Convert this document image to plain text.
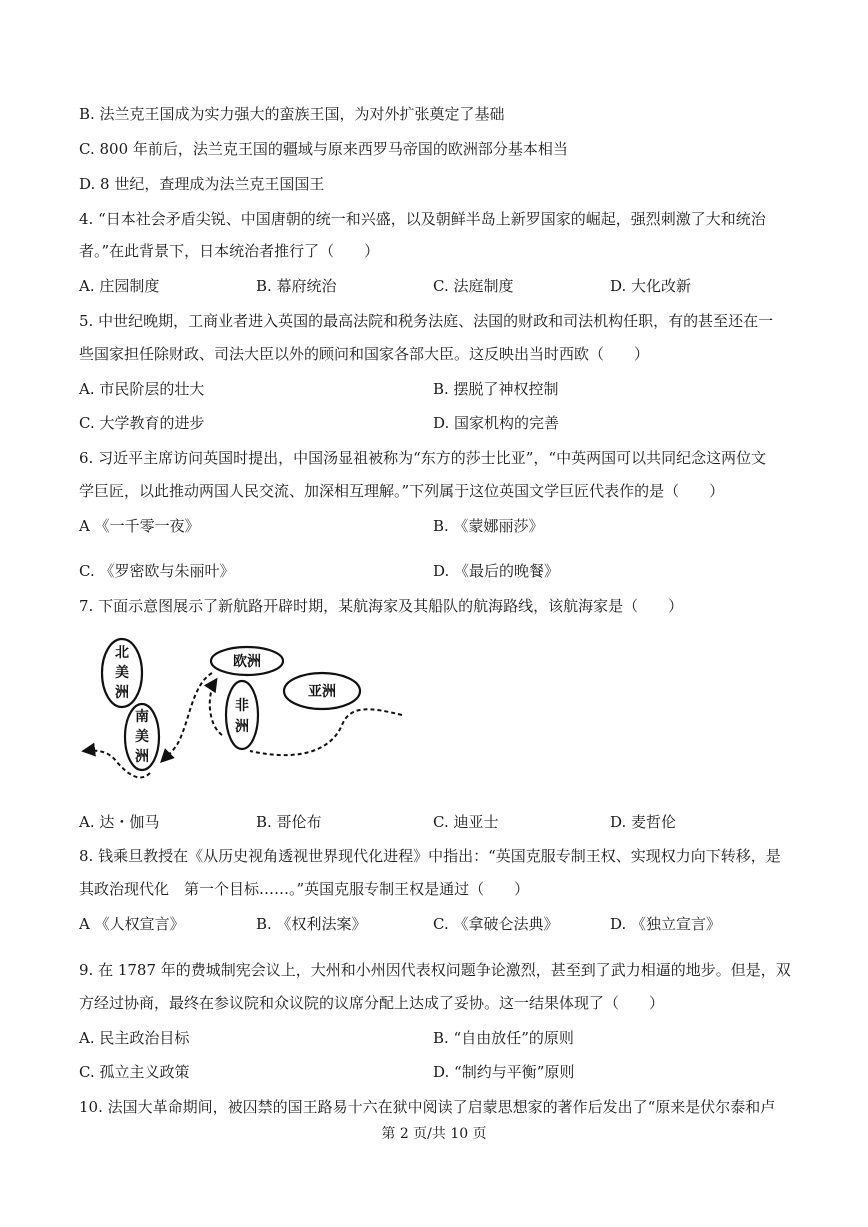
B. 法兰克王国成为实力强大的蛮族王国，为对外扩张奠定了基础
C. 800 年前后，法兰克王国的疆域与原来西罗马帝国的欧洲部分基本相当
D. 8 世纪，查理成为法兰克王国国王
4. “日本社会矛盾尖锐、中国唐朝的统一和兴盛，以及朝鲜半岛上新罗国家的崛起，强烈刺激了大和统治
者。”在此背景下，日本统治者推行了（　　）
A. 庄园制度	B. 幕府统治	C. 法庭制度	D. 大化改新
5. 中世纪晚期，工商业者进入英国的最高法院和税务法庭、法国的财政和司法机构任职，有的甚至还在一
些国家担任除财政、司法大臣以外的顾问和国家各部大臣。这反映出当时西欧（　　）
A. 市民阶层的壮大	B. 摆脱了神权控制
C. 大学教育的进步	D. 国家机构的完善
6. 习近平主席访问英国时提出，中国汤显祖被称为“东方的莎士比亚”，“中英两国可以共同纪念这两位文
学巨匠，以此推动两国人民交流、加深相互理解。”下列属于这位英国文学巨匠代表作的是（　　）
A 《一千零一夜》	B. 《蒙娜丽莎》
C. 《罗密欧与朱丽叶》	D. 《最后的晚餐》
7. 下面示意图展示了新航路开辟时期，某航海家及其船队的航海路线，该航海家是（　　）
北
美
洲
南
美
洲
欧洲
非
洲
亚洲
A. 达・伽马	B. 哥伦布	C. 迪亚士	D. 麦哲伦
8. 钱乘旦教授在《从历史视角透视世界现代化进程》中指出：“英国克服专制王权、实现权力向下转移，是
其政治现代化　第一个目标……。”英国克服专制王权是通过（　　）
A 《人权宣言》	B. 《权利法案》	C. 《拿破仑法典》	D. 《独立宣言》
9. 在 1787 年的费城制宪会议上，大州和小州因代表权问题争论激烈，甚至到了武力相逼的地步。但是，双
方经过协商，最终在参议院和众议院的议席分配上达成了妥协。这一结果体现了（　　）
A. 民主政治目标	B. “自由放任”的原则
C. 孤立主义政策	D. “制约与平衡”原则
10. 法国大革命期间，被囚禁的国王路易十六在狱中阅读了启蒙思想家的著作后发出了“原来是伏尔泰和卢
第 2 页/共 10 页
